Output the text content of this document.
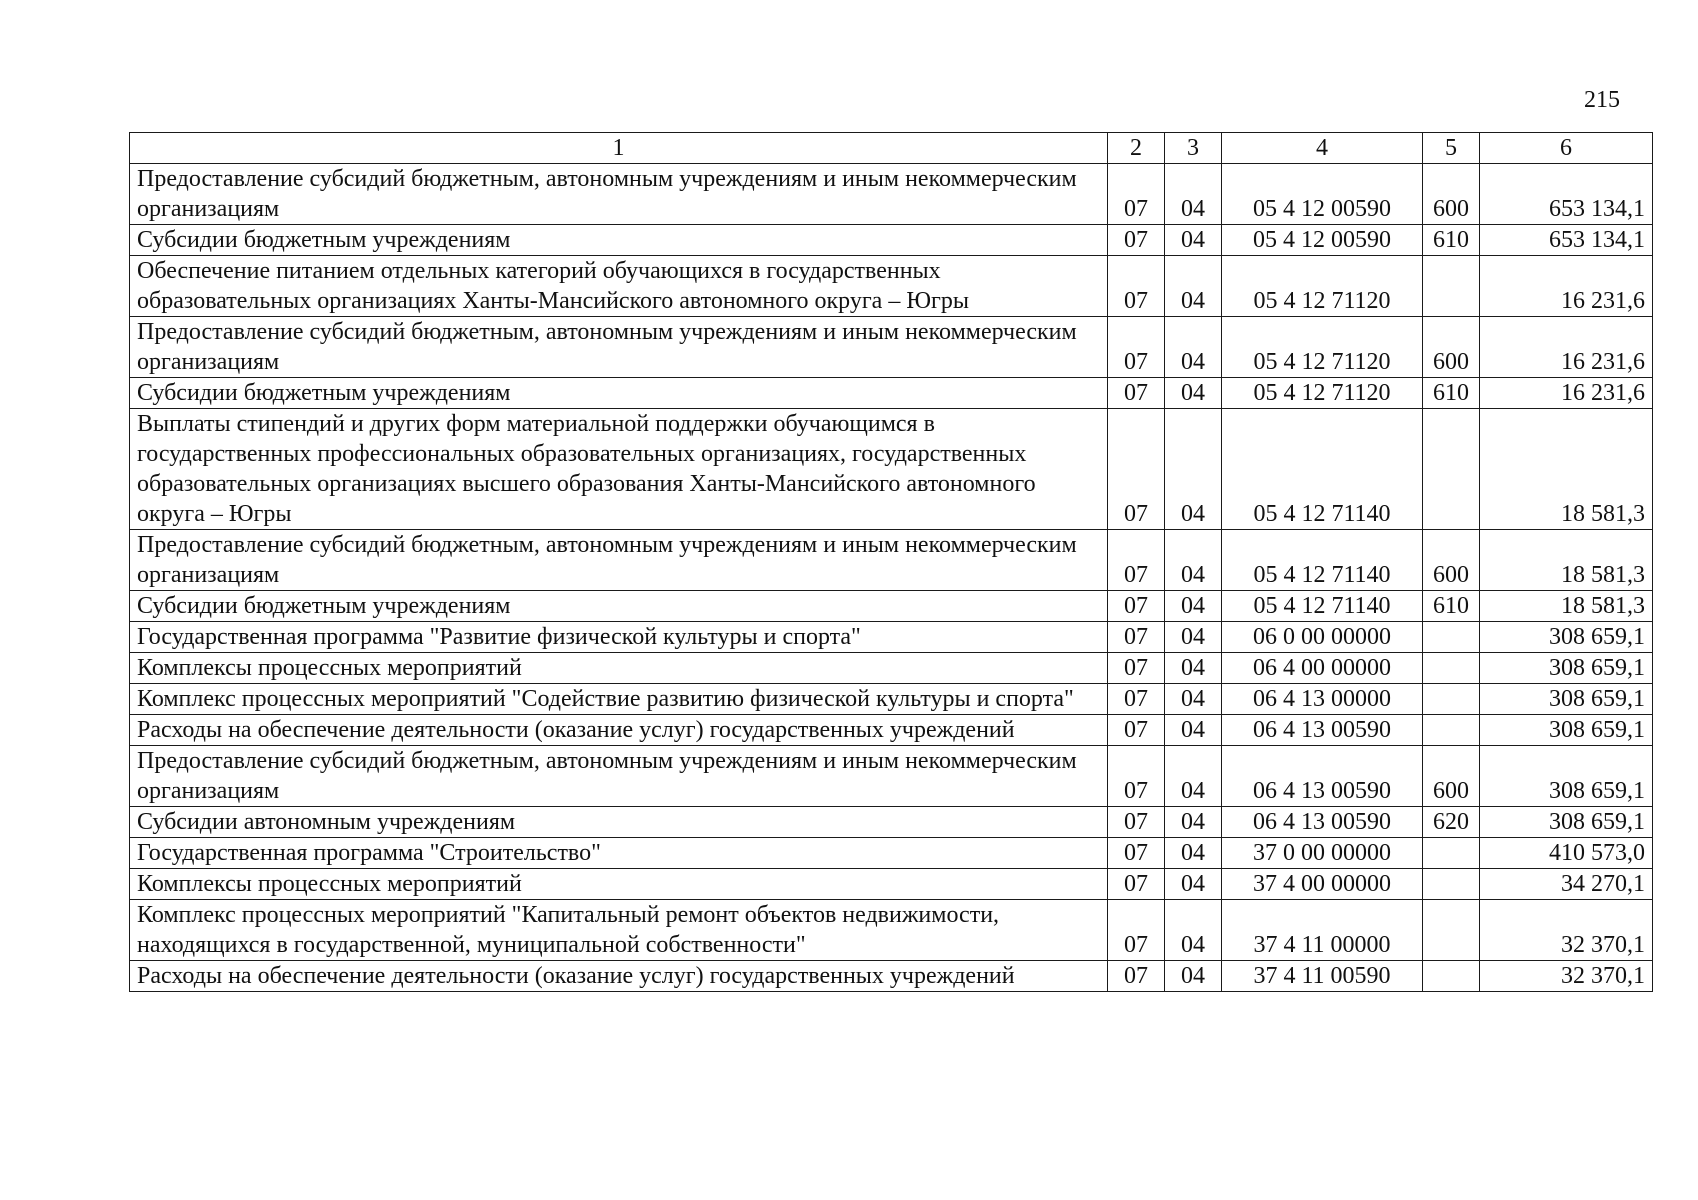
215
1	2	3	4	5	6
Предоставление субсидий бюджетным, автономным учреждениям и иным некоммерческим организациям	07	04	05 4 12 00590	600	653 134,1
Субсидии бюджетным учреждениям	07	04	05 4 12 00590	610	653 134,1
Обеспечение питанием отдельных категорий обучающихся в государственных образовательных организациях Ханты-Мансийского автономного округа – Югры	07	04	05 4 12 71120		16 231,6
Предоставление субсидий бюджетным, автономным учреждениям и иным некоммерческим организациям	07	04	05 4 12 71120	600	16 231,6
Субсидии бюджетным учреждениям	07	04	05 4 12 71120	610	16 231,6
Выплаты стипендий и других форм материальной поддержки обучающимся в государственных профессиональных образовательных организациях, государственных образовательных организациях высшего образования Ханты-Мансийского автономного округа – Югры	07	04	05 4 12 71140		18 581,3
Предоставление субсидий бюджетным, автономным учреждениям и иным некоммерческим организациям	07	04	05 4 12 71140	600	18 581,3
Субсидии бюджетным учреждениям	07	04	05 4 12 71140	610	18 581,3
Государственная программа "Развитие физической культуры и спорта"	07	04	06 0 00 00000		308 659,1
Комплексы процессных мероприятий	07	04	06 4 00 00000		308 659,1
Комплекс процессных мероприятий "Содействие развитию физической культуры и спорта"	07	04	06 4 13 00000		308 659,1
Расходы на обеспечение деятельности (оказание услуг) государственных учреждений	07	04	06 4 13 00590		308 659,1
Предоставление субсидий бюджетным, автономным учреждениям и иным некоммерческим организациям	07	04	06 4 13 00590	600	308 659,1
Субсидии автономным учреждениям	07	04	06 4 13 00590	620	308 659,1
Государственная программа "Строительство"	07	04	37 0 00 00000		410 573,0
Комплексы процессных мероприятий	07	04	37 4 00 00000		34 270,1
Комплекс процессных мероприятий "Капитальный ремонт объектов недвижимости, находящихся в государственной, муниципальной собственности"	07	04	37 4 11 00000		32 370,1
Расходы на обеспечение деятельности (оказание услуг) государственных учреждений	07	04	37 4 11 00590		32 370,1
